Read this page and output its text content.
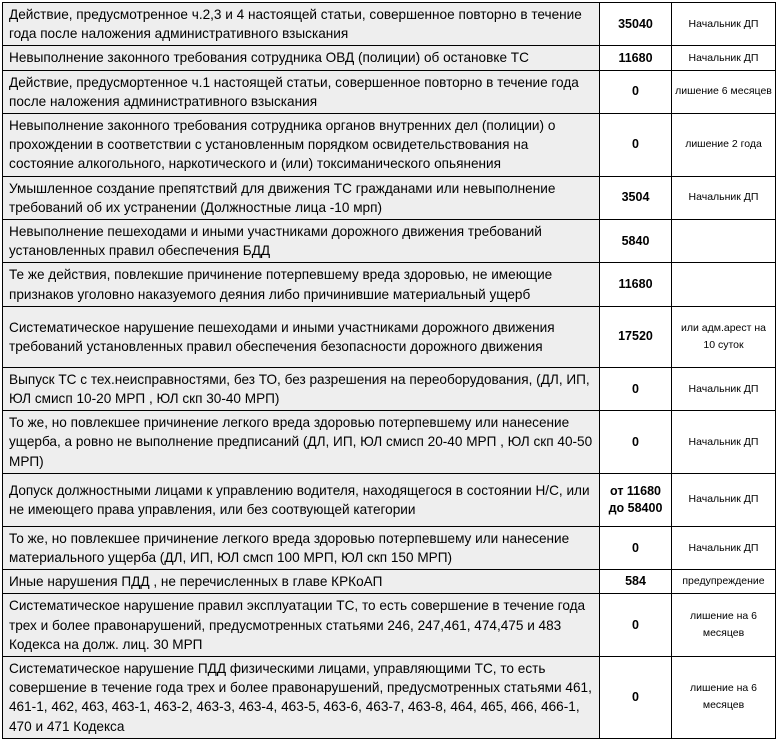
Действие, предусмотренное ч.2,3 и 4 настоящей статьи, совершенное повторно в течение года после наложения административного взыскания	35040	Начальник ДП
Невыполнение законного требования сотрудника ОВД (полиции) об остановке ТС	11680	Начальник ДП
Действие, предусмортенное ч.1 настоящей статьи, совершенное повторно в течение года после наложения административного взыскания	0	лишение 6 месяцев
Невыполнение законного требования сотрудника органов внутренних дел (полиции) о прохождении в соответствии с установленным порядком освидетельствования на состояние алкогольного, наркотического и (или) токсиманического опьянения	0	лишение 2 года
Умышленное создание препятствий для движения ТС гражданами или невыполнение требований об их устранении (Должностные лица -10 мрп)	3504	Начальник ДП
Невыполнение пешеходами и иными участниками дорожного движения требований установленных правил обеспечения БДД	5840	
Те же действия, повлекшие причинение потерпевшему вреда здоровью, не имеющие признаков уголовно наказуемого деяния либо причинившие материальный ущерб	11680	
Систематическое нарушение пешеходами и иными участниками дорожного движения требований установленных правил обеспечения безопасности дорожного движения	17520	или адм.арест на 10 суток
Выпуск ТС с тех.неисправностями, без ТО, без разрешения на переоборудования, (ДЛ, ИП, ЮЛ смисп 10-20 МРП , ЮЛ скп 30-40 МРП)	0	Начальник ДП
То же, но повлекшее причинение легкого вреда здоровью потерпевшему или нанесение ущерба, а ровно не выполнение предписаний (ДЛ, ИП, ЮЛ смисп 20-40 МРП , ЮЛ скп 40-50 МРП)	0	Начальник ДП
Допуск должностными лицами к управлению водителя, находящегося в состоянии Н/С, или не имеющего права управления, или без соотвующей категории	от 11680 до 58400	Начальник ДП
То же, но повлекшее причинение легкого вреда здоровью потерпевшему или нанесение материального ущерба (ДЛ, ИП, ЮЛ смсп 100 МРП, ЮЛ скп 150 МРП)	0	Начальник ДП
Иные нарушения ПДД , не перечисленных в главе КРКоАП	584	предупреждение
Систематическое нарушение правил эксплуатации ТС, то есть совершение в течение года трех и более правонарушений, предусмотренных статьями 246, 247,461, 474,475 и 483 Кодекса на долж. лиц. 30 МРП	0	лишение на 6 месяцев
Систематическое нарушение ПДД физическими лицами, управляющими ТС, то есть совершение в течение года трех и более правонарушений, предусмотренных статьями 461, 461-1, 462, 463, 463-1, 463-2, 463-3, 463-4, 463-5, 463-6, 463-7, 463-8, 464, 465, 466, 466-1, 470 и 471 Кодекса	0	лишение на 6 месяцев
